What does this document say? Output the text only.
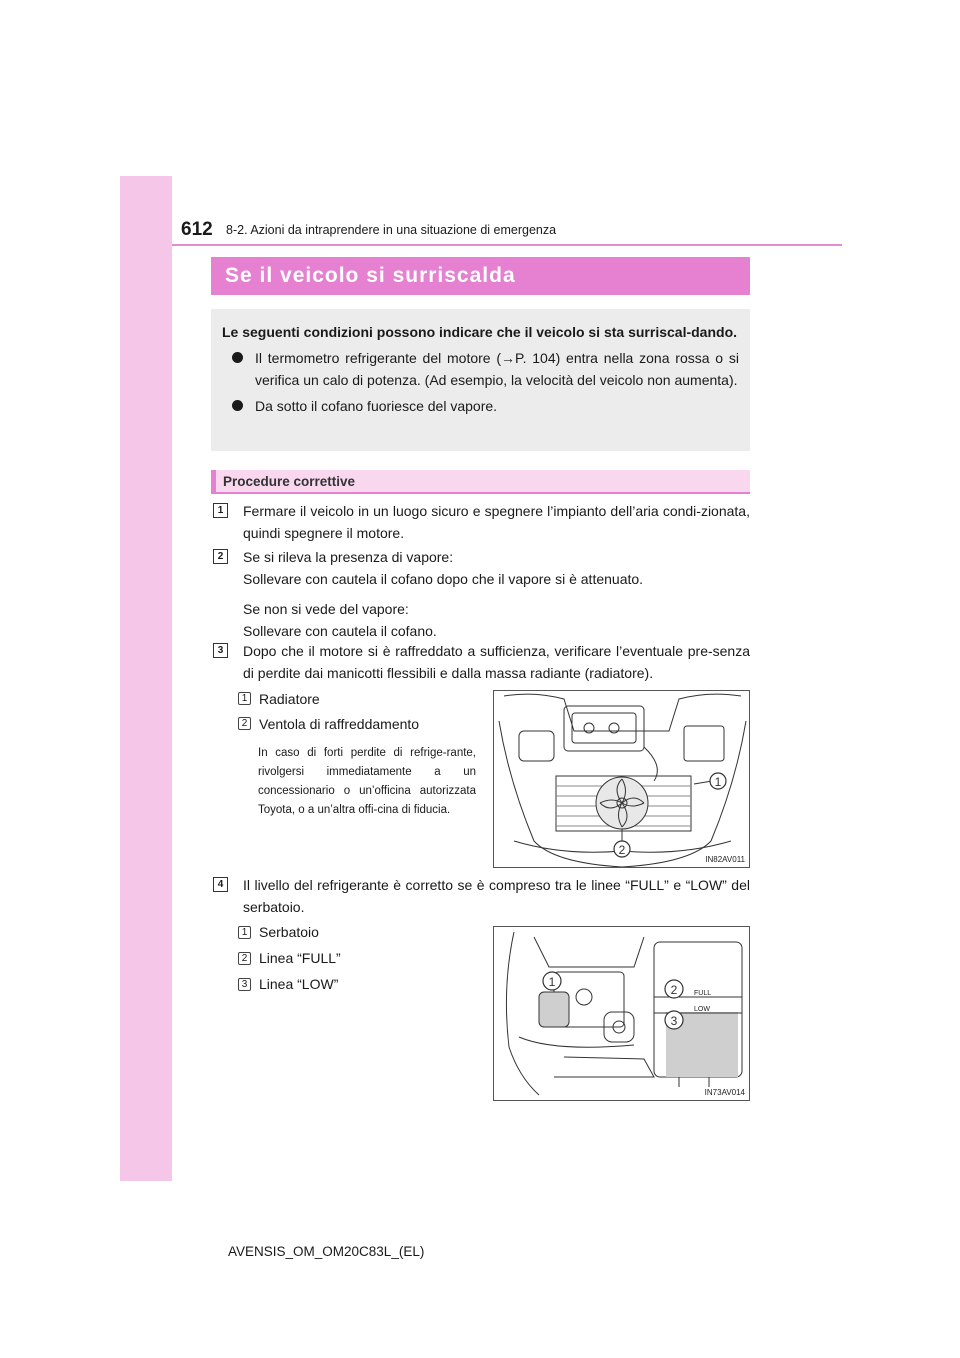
612 8-2. Azioni da intraprendere in una situazione di emergenza
Se il veicolo si surriscalda
Le seguenti condizioni possono indicare che il veicolo si sta surriscal-dando.
Il termometro refrigerante del motore (→P. 104) entra nella zona rossa o si verifica un calo di potenza. (Ad esempio, la velocità del veicolo non aumenta).
Da sotto il cofano fuoriesce del vapore.
Procedure correttive
1	Fermare il veicolo in un luogo sicuro e spegnere l’impianto dell’aria condi-zionata, quindi spegnere il motore.

2	Se si rileva la presenza di vapore:

Sollevare con cautela il cofano dopo che il vapore si è attenuato.

Se non si vede del vapore:

Sollevare con cautela il cofano.

3	Dopo che il motore si è raffreddato a sufficienza, verificare l’eventuale pre-senza di perdite dai manicotti flessibili e dalla massa radiante (radiatore).

1 Radiatore
2 Ventola di raffreddamento
In caso di forti perdite di refrige-rante, rivolgersi immediatamente a un concessionario o un’officina autorizzata Toyota, o a un’altra offi-cina di fiducia.
1
2
IN82AV011
4	Il livello del refrigerante è corretto se è compreso tra le linee “FULL” e “LOW” del serbatoio.

1 Serbatoio
2 Linea “FULL”
3 Linea “LOW”
FULL
LOW
1
2
3
IN73AV014
AVENSIS_OM_OM20C83L_(EL)
